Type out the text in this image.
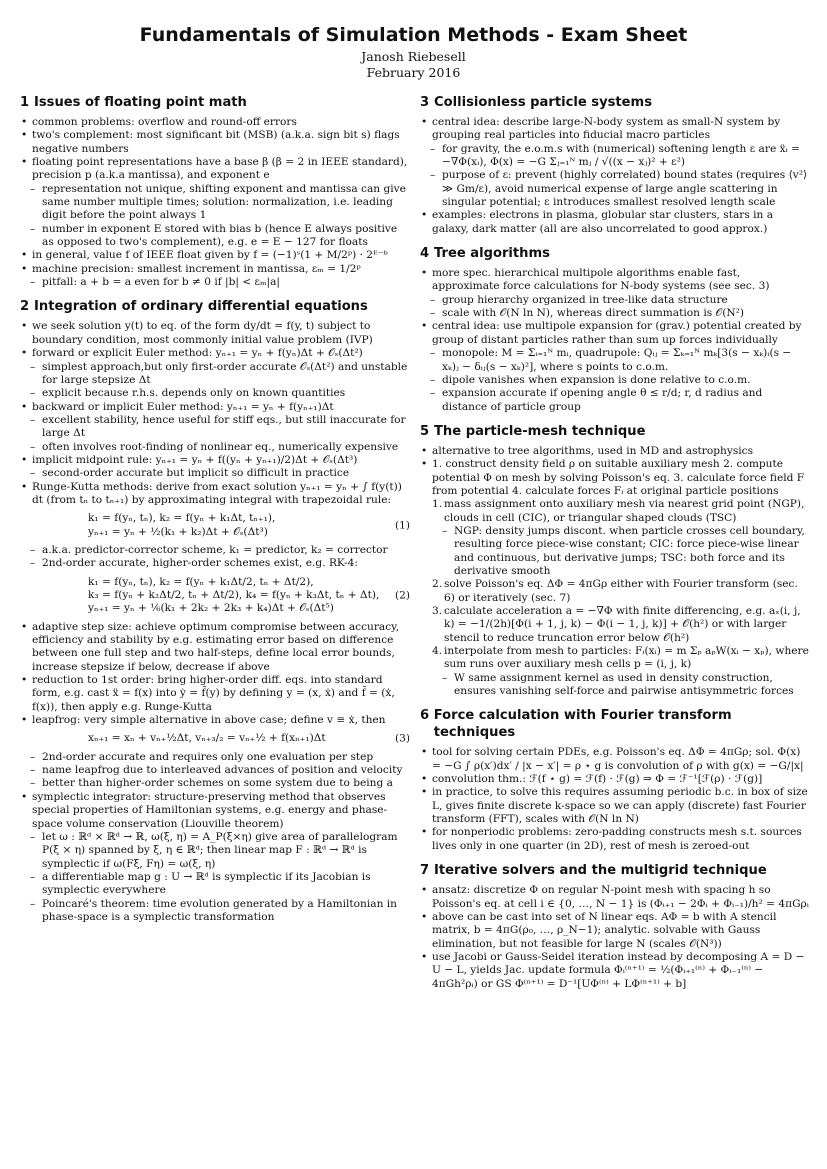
Fundamentals of Simulation Methods - Exam Sheet
Janosh Riebesell
February 2016
1 Issues of floating point math
• common problems: overflow and round-off errors
• two's complement: most significant bit (MSB) (a.k.a. sign bit s) flags negative numbers
• floating point representations have a base β (β = 2 in IEEE standard), precision p (a.k.a mantissa), and exponent e
– representation not unique, shifting exponent and mantissa can give same number multiple times; solution: normalization, i.e. leading digit before the point always 1
– number in exponent E stored with bias b (hence E always positive as opposed to two's complement), e.g. e = E − 127 for floats
• in general, value f of IEEE float given by f = (−1)ˢ(1 + M/2ᵖ) · 2ᴱ⁻ᵇ
• machine precision: smallest increment in mantissa, εₘ = 1/2ᵖ
– pitfall: a + b = a even for b ≠ 0 if |b| < εₘ|a|
2 Integration of ordinary differential equations
• we seek solution y(t) to eq. of the form dy/dt = f(y, t) subject to boundary condition, most commonly initial value problem (IVP)
• forward or explicit Euler method: yₙ₊₁ = yₙ + f(yₙ)Δt + 𝒪ₛ(Δt²)
– simplest approach,but only first-order accurate 𝒪ₛ(Δt²) and unstable for large stepsize Δt
– explicit because r.h.s. depends only on known quantities
• backward or implicit Euler method: yₙ₊₁ = yₙ + f(yₙ₊₁)Δt
– excellent stability, hence useful for stiff eqs., but still inaccurate for large Δt
– often involves root-finding of nonlinear eq., numerically expensive
• implicit midpoint rule: yₙ₊₁ = yₙ + f((yₙ + yₙ₊₁)/2)Δt + 𝒪ₛ(Δt³)
– second-order accurate but implicit so difficult in practice
• Runge-Kutta methods: derive from exact solution yₙ₊₁ = yₙ + ∫ f(y(t)) dt (from tₙ to tₙ₊₁) by approximating integral with trapezoidal rule:
k₁ = f(yₙ, tₙ), k₂ = f(yₙ + k₁Δt, tₙ₊₁),
yₙ₊₁ = yₙ + ½(k₁ + k₂)Δt + 𝒪ₛ(Δt³)
(1)
– a.k.a. predictor-corrector scheme, k₁ = predictor, k₂ = corrector
– 2nd-order accurate, higher-order schemes exist, e.g. RK-4:
k₁ = f(yₙ, tₙ), k₂ = f(yₙ + k₁Δt/2, tₙ + Δt/2),
k₃ = f(yₙ + k₂Δt/2, tₙ + Δt/2), k₄ = f(yₙ + k₃Δt, tₙ + Δt),
yₙ₊₁ = yₙ + ⅙(k₁ + 2k₂ + 2k₃ + k₄)Δt + 𝒪ₛ(Δt⁵)
(2)
• adaptive step size: achieve optimum compromise between accuracy, efficiency and stability by e.g. estimating error based on difference between one full step and two half-steps, define local error bounds, increase stepsize if below, decrease if above
• reduction to 1st order: bring higher-order diff. eqs. into standard form, e.g. cast ẍ = f(x) into ẏ = f̃(y) by defining y = (x, ẋ) and f̃ = (ẋ, f(x)), then apply e.g. Runge-Kutta
• leapfrog: very simple alternative in above case; define v ≡ ẋ, then
xₙ₊₁ = xₙ + vₙ₊½Δt, vₙ₊₃/₂ = vₙ₊½ + f(xₙ₊₁)Δt	(3)
– 2nd-order accurate and requires only one evaluation per step
– name leapfrog due to interleaved advances of position and velocity
– better than higher-order schemes on some system due to being a
• symplectic integrator: structure-preserving method that observes special properties of Hamiltonian systems, e.g. energy and phase-space volume conservation (Liouville theorem)
– let ω : ℝᵈ × ℝᵈ → ℝ, ω(ξ, η) = A_P(ξ×η) give area of parallelogram P(ξ × η) spanned by ξ, η ∈ ℝᵈ; then linear map F : ℝᵈ → ℝᵈ is symplectic if ω(Fξ, Fη) = ω(ξ, η)
– a differentiable map g : U → ℝᵈ is symplectic if its Jacobian is symplectic everywhere
– Poincaré's theorem: time evolution generated by a Hamiltonian in phase-space is a symplectic transformation
3 Collisionless particle systems
• central idea: describe large-N-body system as small-N system by grouping real particles into fiducial macro particles
– for gravity, the e.o.m.s with (numerical) softening length ε are ẍᵢ = −∇Φ(xᵢ), Φ(x) = −G Σⱼ₌₁ᴺ mⱼ / √((x − xⱼ)² + ε²)
– purpose of ε: prevent (highly correlated) bound states (requires ⟨v²⟩ ≫ Gm/ε), avoid numerical expense of large angle scattering in singular potential; ε introduces smallest resolved length scale
• examples: electrons in plasma, globular star clusters, stars in a galaxy, dark matter (all are also uncorrelated to good approx.)
4 Tree algorithms
• more spec. hierarchical multipole algorithms enable fast, approximate force calculations for N-body systems (see sec. 3)
– group hierarchy organized in tree-like data structure
– scale with 𝒪(N ln N), whereas direct summation is 𝒪(N²)
• central idea: use multipole expansion for (grav.) potential created by group of distant particles rather than sum up forces individually
– monopole: M = Σᵢ₌₁ᴺ mᵢ, quadrupole: Qᵢⱼ = Σₖ₌₁ᴺ mₖ[3(s − xₖ)ᵢ(s − xₖ)ⱼ − δᵢⱼ(s − xₖ)²], where s points to c.o.m.
– dipole vanishes when expansion is done relative to c.o.m.
– expansion accurate if opening angle θ ≤ r/d; r, d radius and distance of particle group
5 The particle-mesh technique
• alternative to tree algorithms, used in MD and astrophysics
• 1. construct density field ρ on suitable auxiliary mesh 2. compute potential Φ on mesh by solving Poisson's eq. 3. calculate force field F from potential 4. calculate forces Fᵢ at original particle positions
1. mass assignment onto auxiliary mesh via nearest grid point (NGP), clouds in cell (CIC), or triangular shaped clouds (TSC)
– NGP: density jumps discont. when particle crosses cell boundary, resulting force piece-wise constant; CIC: force piece-wise linear and continuous, but derivative jumps; TSC: both force and its derivative smooth
2. solve Poisson's eq. ΔΦ = 4πGρ either with Fourier transform (sec. 6) or iteratively (sec. 7)
3. calculate acceleration a = −∇Φ with finite differencing, e.g. aₓ(i, j, k) = −1/(2h)[Φ(i + 1, j, k) − Φ(i − 1, j, k)] + 𝒪(h²) or with larger stencil to reduce truncation error below 𝒪(h²)
4. interpolate from mesh to particles: Fᵢ(xᵢ) = m Σₚ aₚW(xᵢ − xₚ), where sum runs over auxiliary mesh cells p = (i, j, k)
– W same assignment kernel as used in density construction, ensures vanishing self-force and pairwise antisymmetric forces
6 Force calculation with Fourier transform techniques
• tool for solving certain PDEs, e.g. Poisson's eq. ΔΦ = 4πGρ; sol. Φ(x) = −G ∫ ρ(x′)dx′ / |x − x′| = ρ ⋆ g is convolution of ρ with g(x) = −G/|x|
• convolution thm.: ℱ(f ⋆ g) = ℱ(f) · ℱ(g) ⇒ Φ = ℱ⁻¹[ℱ(ρ) · ℱ(g)]
• in practice, to solve this requires assuming periodic b.c. in box of size L, gives finite discrete k-space so we can apply (discrete) fast Fourier transform (FFT), scales with 𝒪(N ln N)
• for nonperiodic problems: zero-padding constructs mesh s.t. sources lives only in one quarter (in 2D), rest of mesh is zeroed-out
7 Iterative solvers and the multigrid technique
• ansatz: discretize Φ on regular N-point mesh with spacing h so Poisson's eq. at cell i ∈ {0, …, N − 1} is (Φᵢ₊₁ − 2Φᵢ + Φᵢ₋₁)/h² = 4πGρᵢ
• above can be cast into set of N linear eqs. AΦ = b with A stencil matrix, b = 4πG(ρ₀, …, ρ_N−1); analytic. solvable with Gauss elimination, but not feasible for large N (scales 𝒪(N³))
• use Jacobi or Gauss-Seidel iteration instead by decomposing A = D − U − L, yields Jac. update formula Φᵢ⁽ⁿ⁺¹⁾ = ½(Φᵢ₊₁⁽ⁿ⁾ + Φᵢ₋₁⁽ⁿ⁾ − 4πGh²ρᵢ) or GS Φ⁽ⁿ⁺¹⁾ = D⁻¹[UΦ⁽ⁿ⁾ + LΦ⁽ⁿ⁺¹⁾ + b]
